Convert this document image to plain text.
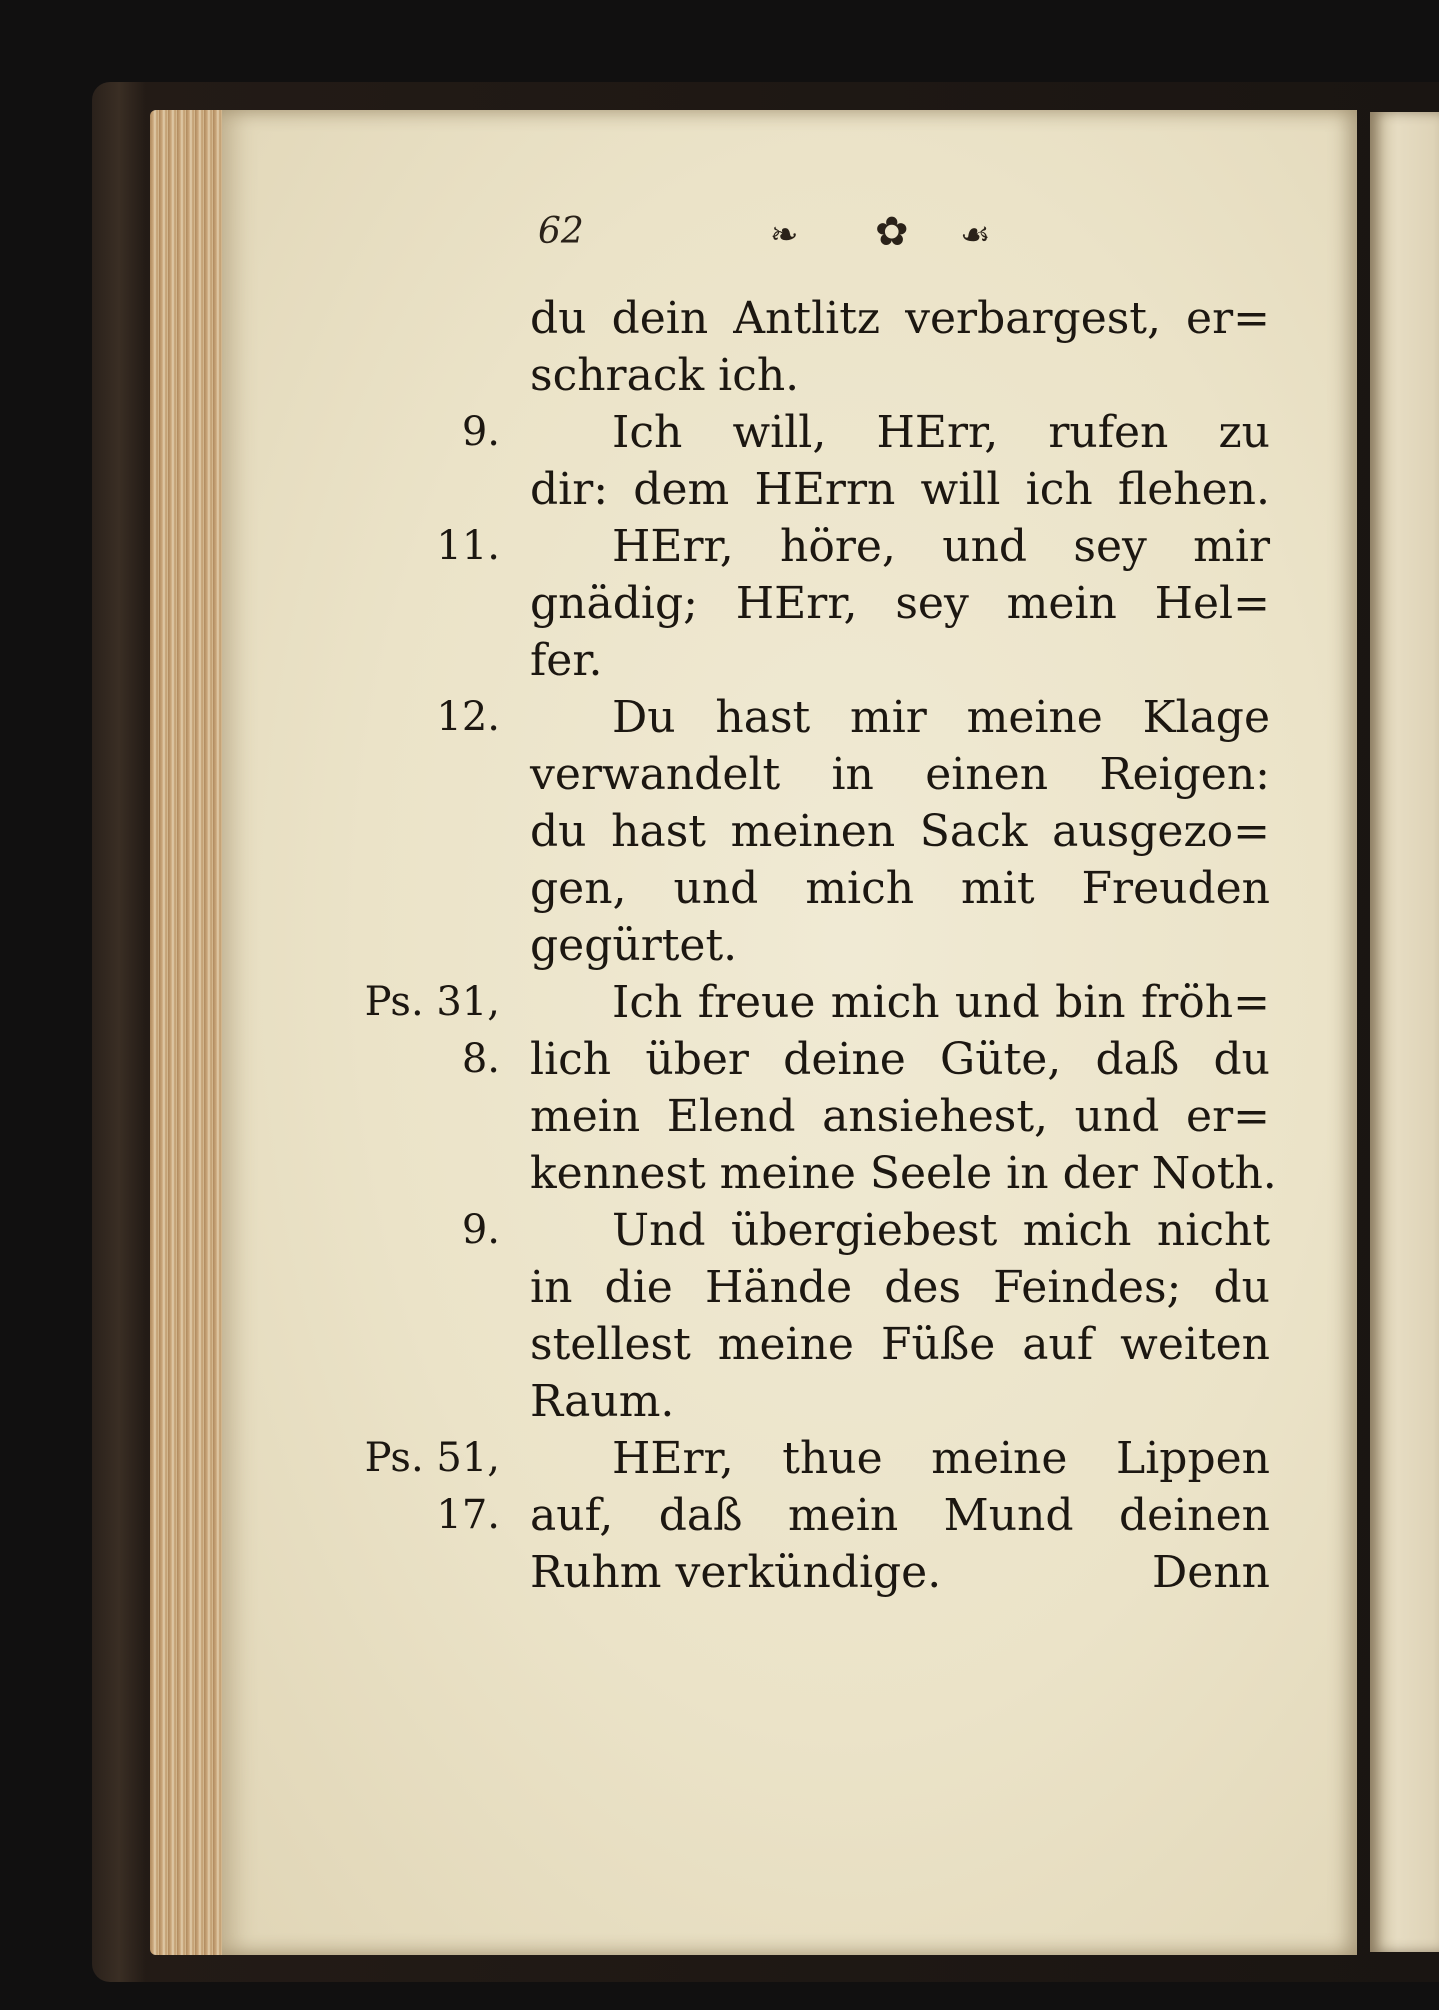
62	❧ ✿ ☙
du dein Antlitz verbargest, er=
schrack ich.
9.	Ich will, HErr, rufen zu
dir: dem HErrn will ich flehen.
11.	HErr, höre, und sey mir
gnädig; HErr, sey mein Hel=
fer.
12.	Du hast mir meine Klage
verwandelt in einen Reigen:
du hast meinen Sack ausgezo=
gen, und mich mit Freuden
gegürtet.
Ps. 31,	Ich freue mich und bin fröh=
8. lich über deine Güte, daß du
mein Elend ansiehest, und er=
kennest meine Seele in der Noth.
9.	Und übergiebest mich nicht
in die Hände des Feindes; du
stellest meine Füße auf weiten
Raum.
Ps. 51,	HErr, thue meine Lippen
17. auf, daß mein Mund deinen
Ruhm verkündige.	Denn
